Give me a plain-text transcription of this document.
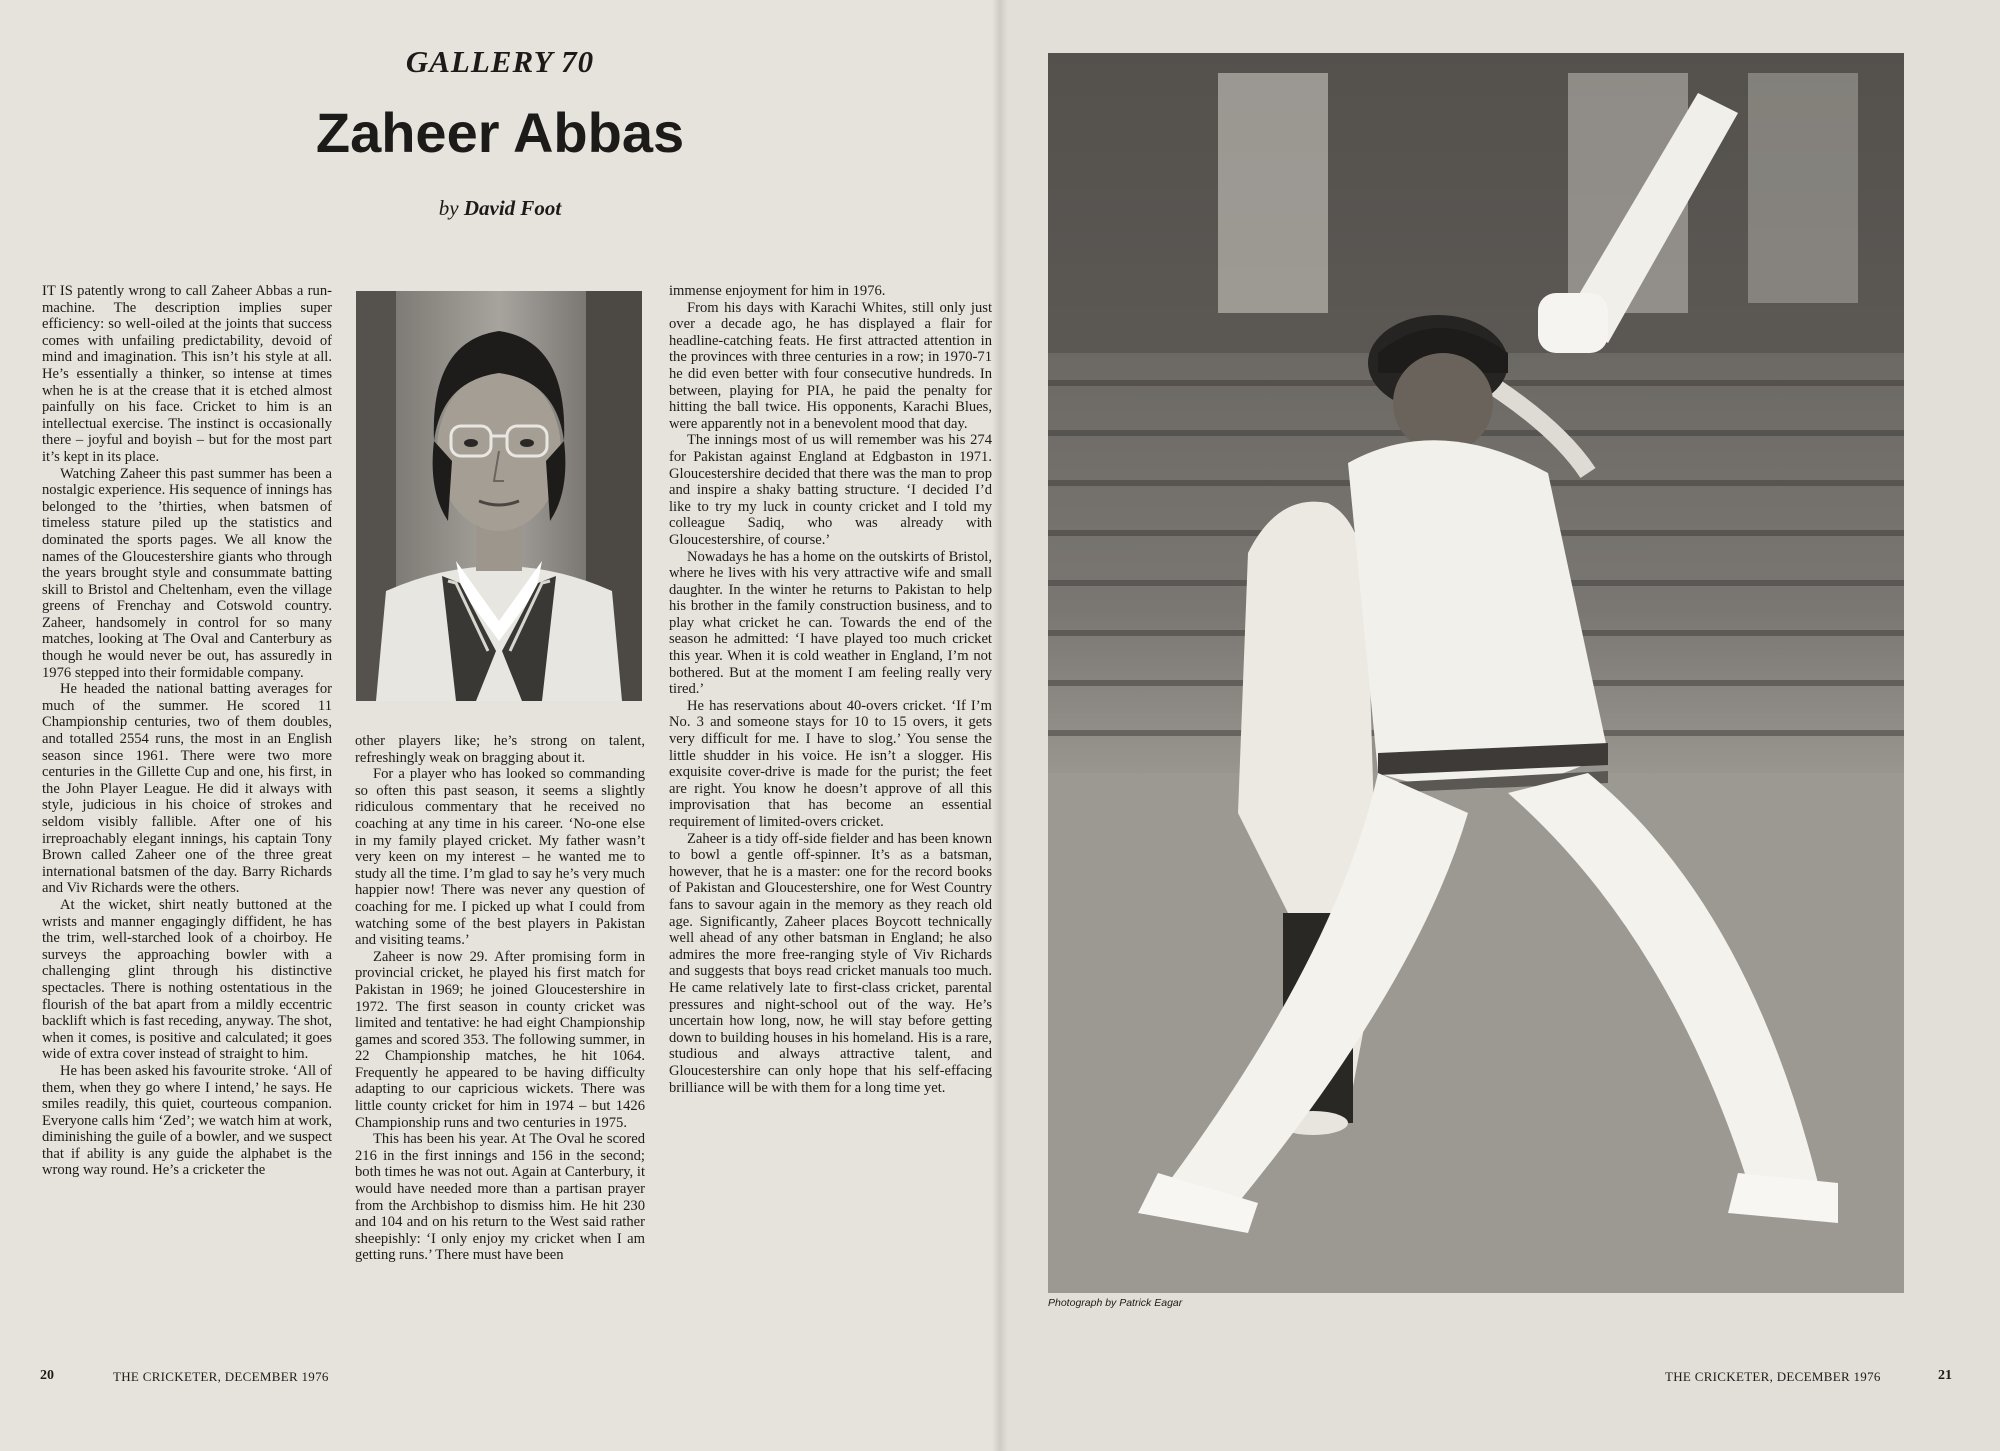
GALLERY 70
Zaheer Abbas
by David Foot

IT IS patently wrong to call Zaheer Abbas a run-machine. The description implies super efficiency: so well-oiled at the joints that success comes with unfailing predictability, devoid of mind and imagination. This isn’t his style at all. He’s essentially a thinker, so intense at times when he is at the crease that it is etched almost painfully on his face. Cricket to him is an intellectual exercise. The instinct is occasionally there – joyful and boyish – but for the most part it’s kept in its place.

Watching Zaheer this past summer has been a nostalgic experience. His sequence of innings has belonged to the ’thirties, when batsmen of timeless stature piled up the statistics and dominated the sports pages. We all know the names of the Gloucestershire giants who through the years brought style and consummate batting skill to Bristol and Cheltenham, even the village greens of Frenchay and Cotswold country. Zaheer, handsomely in control for so many matches, looking at The Oval and Canterbury as though he would never be out, has assuredly in 1976 stepped into their formidable company.

He headed the national batting averages for much of the summer. He scored 11 Championship centuries, two of them doubles, and totalled 2554 runs, the most in an English season since 1961. There were two more centuries in the Gillette Cup and one, his first, in the John Player League. He did it always with style, judicious in his choice of strokes and seldom visibly fallible. After one of his irreproachably elegant innings, his captain Tony Brown called Zaheer one of the three great international batsmen of the day. Barry Richards and Viv Richards were the others.

At the wicket, shirt neatly buttoned at the wrists and manner engagingly diffident, he has the trim, well-starched look of a choirboy. He surveys the approaching bowler with a challenging glint through his distinctive spectacles. There is nothing ostentatious in the flourish of the bat apart from a mildly eccentric backlift which is fast receding, anyway. The shot, when it comes, is positive and calculated; it goes wide of extra cover instead of straight to him.

He has been asked his favourite stroke. ‘All of them, when they go where I intend,’ he says. He smiles readily, this quiet, courteous companion. Everyone calls him ‘Zed’; we watch him at work, diminishing the guile of a bowler, and we suspect that if ability is any guide the alphabet is the wrong way round. He’s a cricketer the

other players like; he’s strong on talent, refreshingly weak on bragging about it.

For a player who has looked so commanding so often this past season, it seems a slightly ridiculous commentary that he received no coaching at any time in his career. ‘No-one else in my family played cricket. My father wasn’t very keen on my interest – he wanted me to study all the time. I’m glad to say he’s very much happier now! There was never any question of coaching for me. I picked up what I could from watching some of the best players in Pakistan and visiting teams.’

Zaheer is now 29. After promising form in provincial cricket, he played his first match for Pakistan in 1969; he joined Gloucestershire in 1972. The first season in county cricket was limited and tentative: he had eight Championship games and scored 353. The following summer, in 22 Championship matches, he hit 1064. Frequently he appeared to be having difficulty adapting to our capricious wickets. There was little county cricket for him in 1974 – but 1426 Championship runs and two centuries in 1975.

This has been his year. At The Oval he scored 216 in the first innings and 156 in the second; both times he was not out. Again at Canterbury, it would have needed more than a partisan prayer from the Archbishop to dismiss him. He hit 230 and 104 and on his return to the West said rather sheepishly: ‘I only enjoy my cricket when I am getting runs.’ There must have been

immense enjoyment for him in 1976.

From his days with Karachi Whites, still only just over a decade ago, he has displayed a flair for headline-catching feats. He first attracted attention in the provinces with three centuries in a row; in 1970-71 he did even better with four consecutive hundreds. In between, playing for PIA, he paid the penalty for hitting the ball twice. His opponents, Karachi Blues, were apparently not in a benevolent mood that day.

The innings most of us will remember was his 274 for Pakistan against England at Edgbaston in 1971. Gloucestershire decided that there was the man to prop and inspire a shaky batting structure. ‘I decided I’d like to try my luck in county cricket and I told my colleague Sadiq, who was already with Gloucestershire, of course.’

Nowadays he has a home on the outskirts of Bristol, where he lives with his very attractive wife and small daughter. In the winter he returns to Pakistan to help his brother in the family construction business, and to play what cricket he can. Towards the end of the season he admitted: ‘I have played too much cricket this year. When it is cold weather in England, I’m not bothered. But at the moment I am feeling really very tired.’

He has reservations about 40-overs cricket. ‘If I’m No. 3 and someone stays for 10 to 15 overs, it gets very difficult for me. I have to slog.’ You sense the little shudder in his voice. He isn’t a slogger. His exquisite cover-drive is made for the purist; the feet are right. You know he doesn’t approve of all this improvisation that has become an essential requirement of limited-overs cricket.

Zaheer is a tidy off-side fielder and has been known to bowl a gentle off-spinner. It’s as a batsman, however, that he is a master: one for the record books of Pakistan and Gloucestershire, one for West Country fans to savour again in the memory as they reach old age. Significantly, Zaheer places Boycott technically well ahead of any other batsman in England; he also admires the more free-ranging style of Viv Richards and suggests that boys read cricket manuals too much. He came relatively late to first-class cricket, parental pressures and night-school out of the way. He’s uncertain how long, now, he will stay before getting down to building houses in his homeland. His is a rare, studious and always attractive talent, and Gloucestershire can only hope that his self-effacing brilliance will be with them for a long time yet.

20	THE CRICKETER, DECEMBER 1976
Photograph by Patrick Eagar
THE CRICKETER, DECEMBER 1976	21
